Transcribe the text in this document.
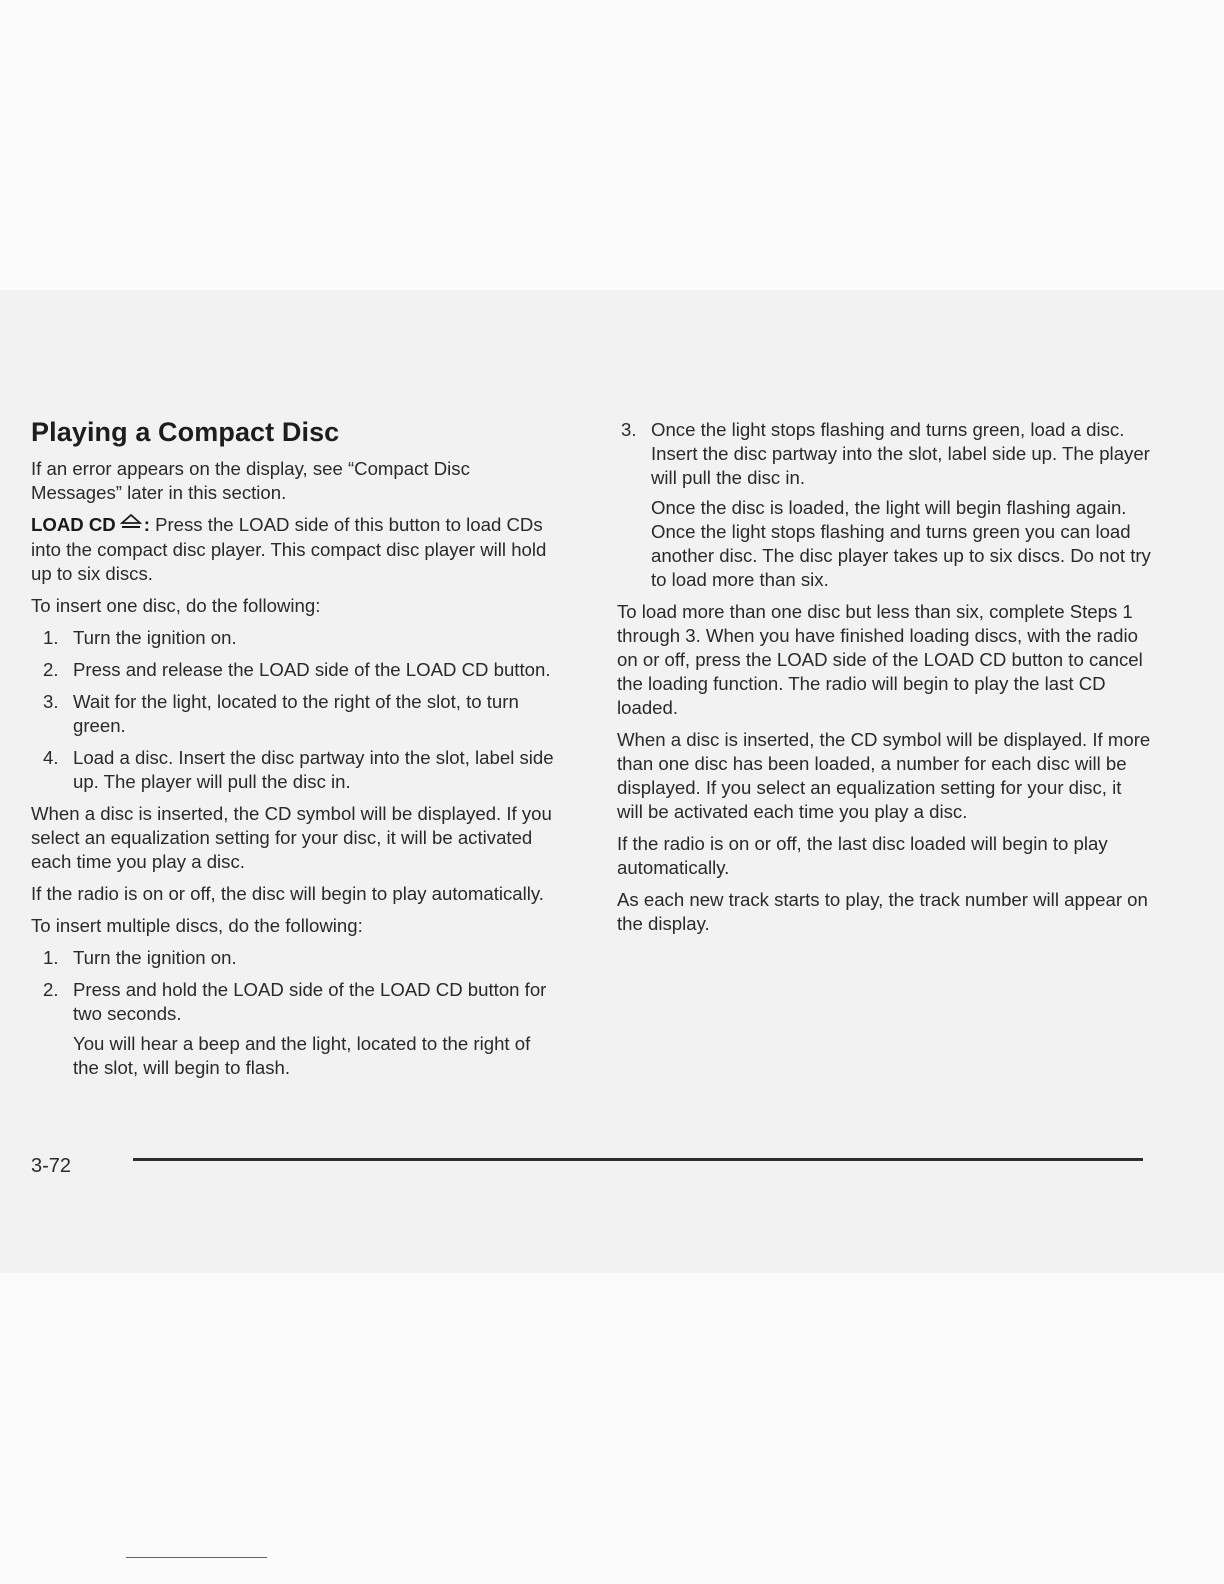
Playing a Compact Disc

If an error appears on the display, see “Compact Disc Messages” later in this section.

LOAD CD : Press the LOAD side of this button to load CDs into the compact disc player. This compact disc player will hold up to six discs.

To insert one disc, do the following:

1. Turn the ignition on.
2. Press and release the LOAD side of the LOAD CD button.
3. Wait for the light, located to the right of the slot, to turn green.
4. Load a disc. Insert the disc partway into the slot, label side up. The player will pull the disc in.

When a disc is inserted, the CD symbol will be displayed. If you select an equalization setting for your disc, it will be activated each time you play a disc.

If the radio is on or off, the disc will begin to play automatically.

To insert multiple discs, do the following:

1. Turn the ignition on.
2. Press and hold the LOAD side of the LOAD CD button for two seconds.

You will hear a beep and the light, located to the right of the slot, will begin to flash.

3. Once the light stops flashing and turns green, load a disc. Insert the disc partway into the slot, label side up. The player will pull the disc in.

Once the disc is loaded, the light will begin flashing again. Once the light stops flashing and turns green you can load another disc. The disc player takes up to six discs. Do not try to load more than six.

To load more than one disc but less than six, complete Steps 1 through 3. When you have finished loading discs, with the radio on or off, press the LOAD side of the LOAD CD button to cancel the loading function. The radio will begin to play the last CD loaded.

When a disc is inserted, the CD symbol will be displayed. If more than one disc has been loaded, a number for each disc will be displayed. If you select an equalization setting for your disc, it will be activated each time you play a disc.

If the radio is on or off, the last disc loaded will begin to play automatically.

As each new track starts to play, the track number will appear on the display.

3-72
